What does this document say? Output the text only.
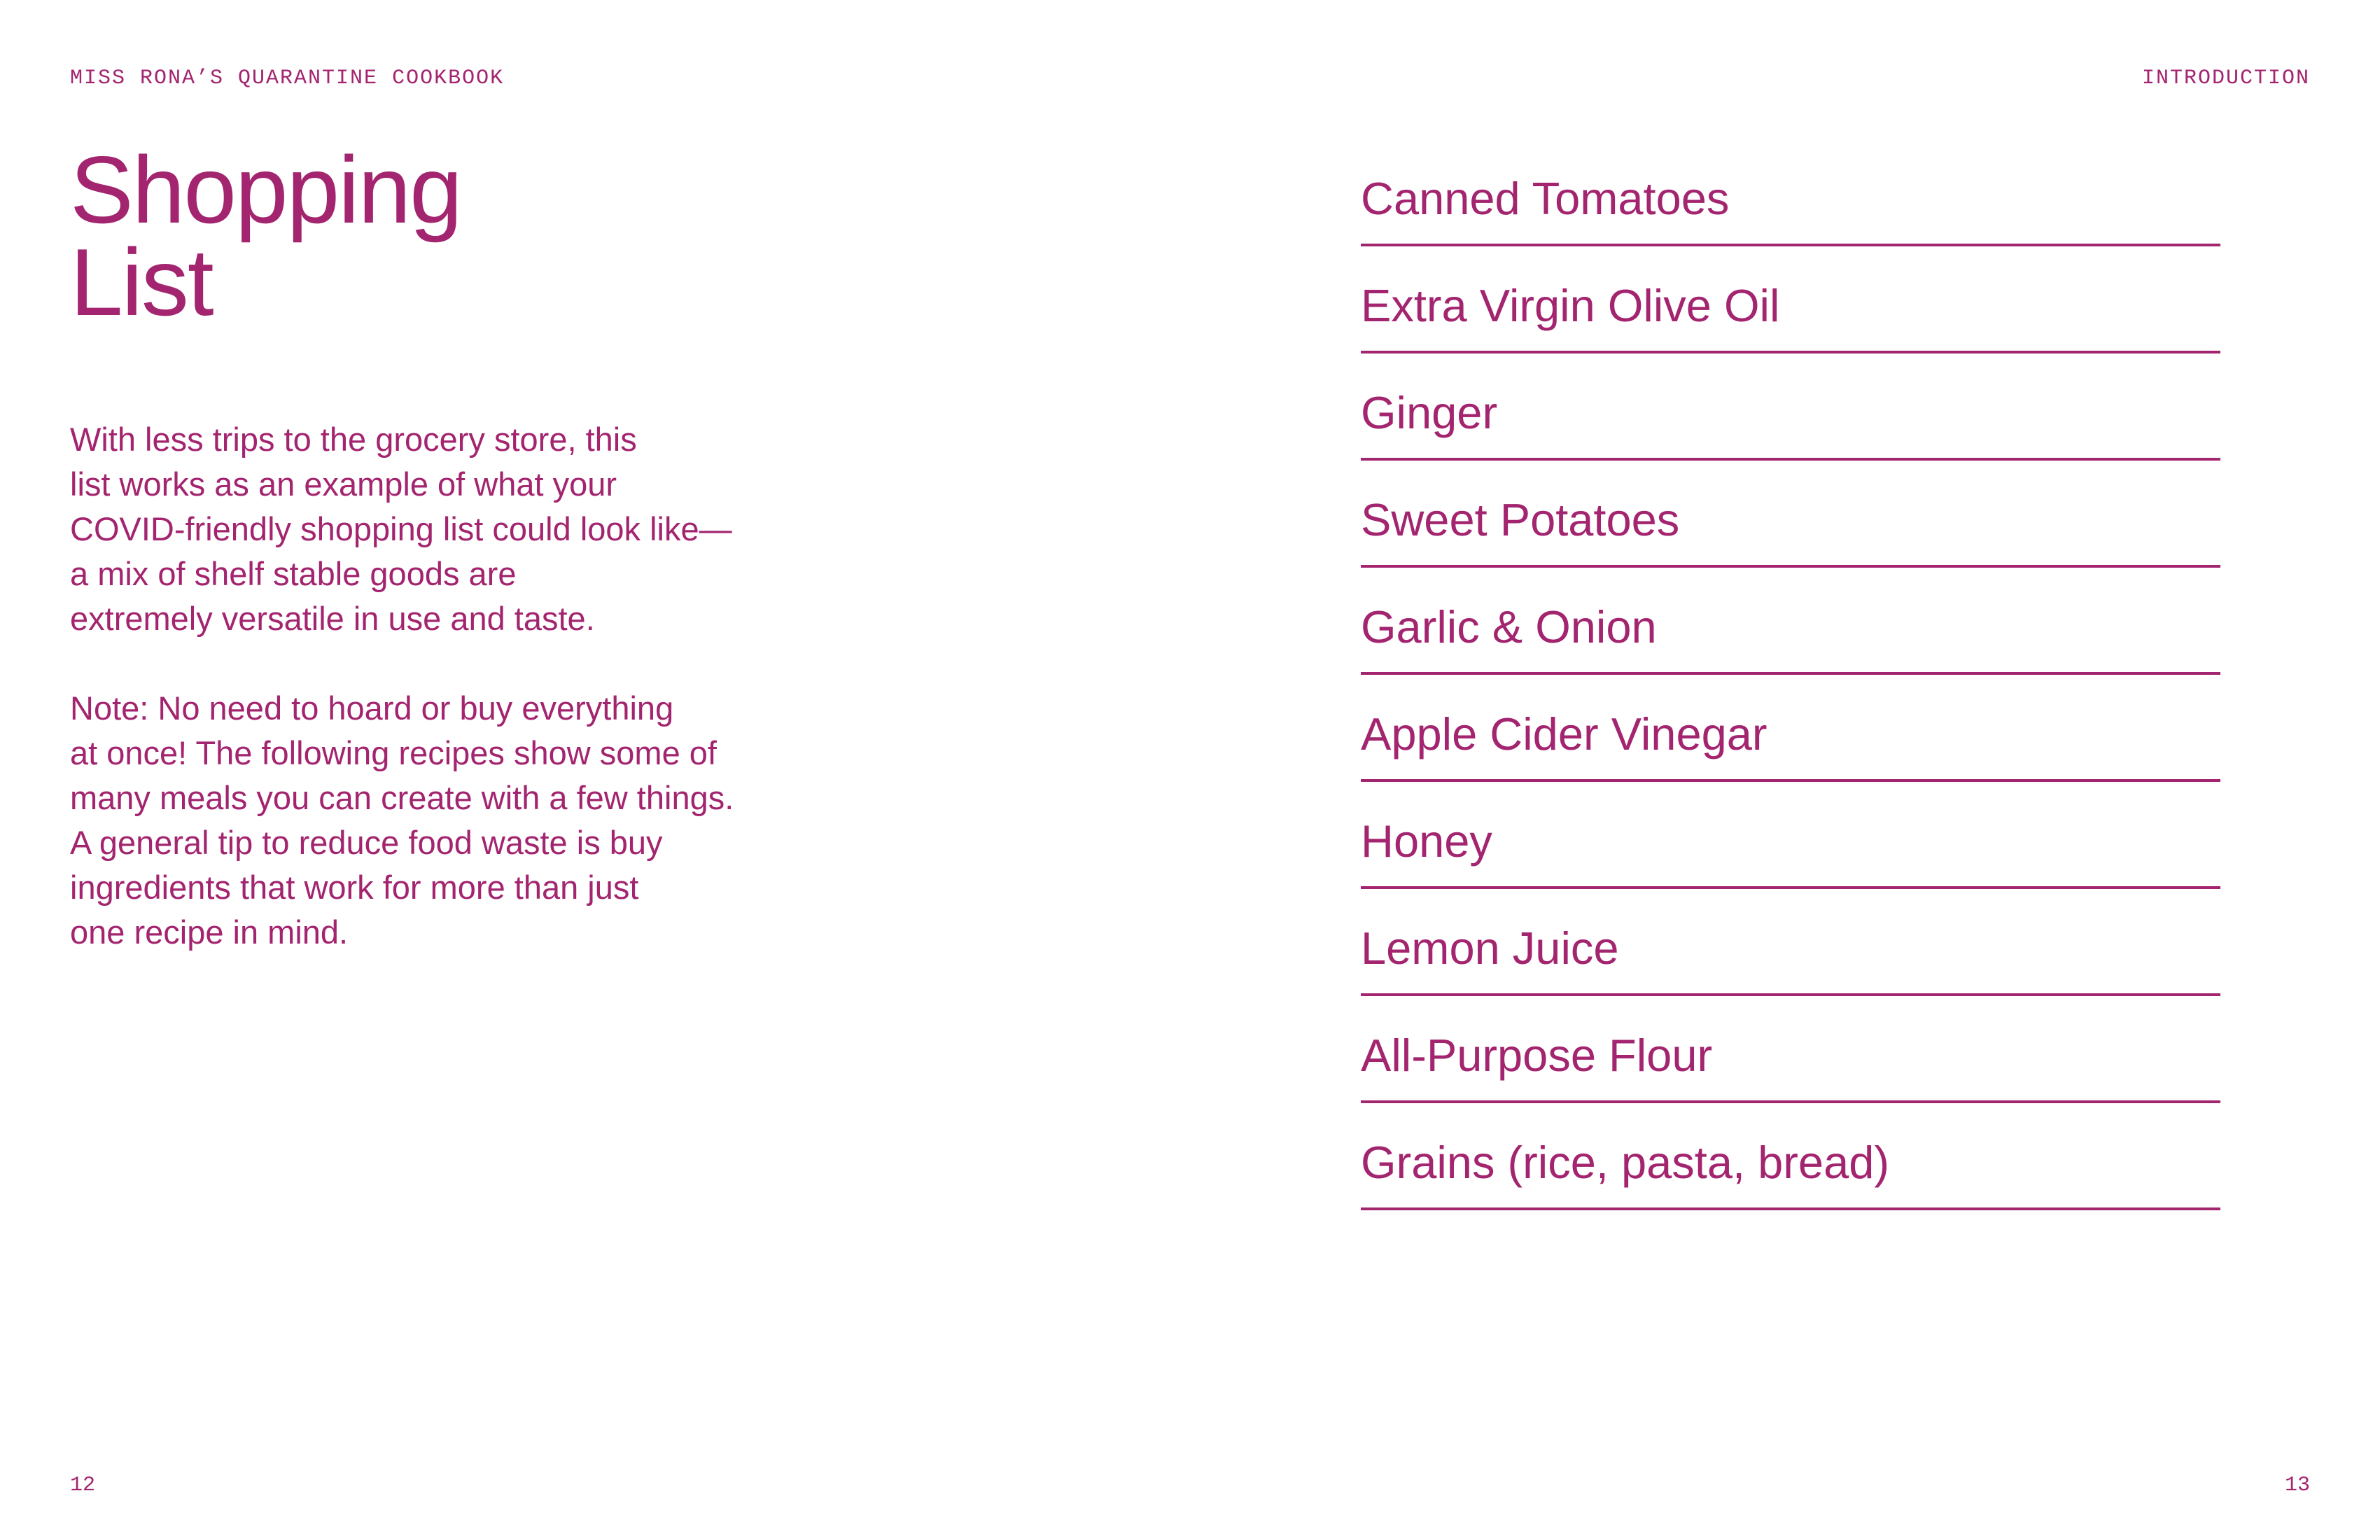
MISS RONA’S QUARANTINE COOKBOOK	INTRODUCTION
Shopping
List

With less trips to the grocery store, this
list works as an example of what your
COVID-friendly shopping list could look like—
a mix of shelf stable goods are
extremely versatile in use and taste.

Note: No need to hoard or buy everything
at once! The following recipes show some of
many meals you can create with a few things.
A general tip to reduce food waste is buy
ingredients that work for more than just
one recipe in mind.

Canned Tomatoes
Extra Virgin Olive Oil
Ginger
Sweet Potatoes
Garlic & Onion
Apple Cider Vinegar
Honey
Lemon Juice
All-Purpose Flour
Grains (rice, pasta, bread)
12	13
